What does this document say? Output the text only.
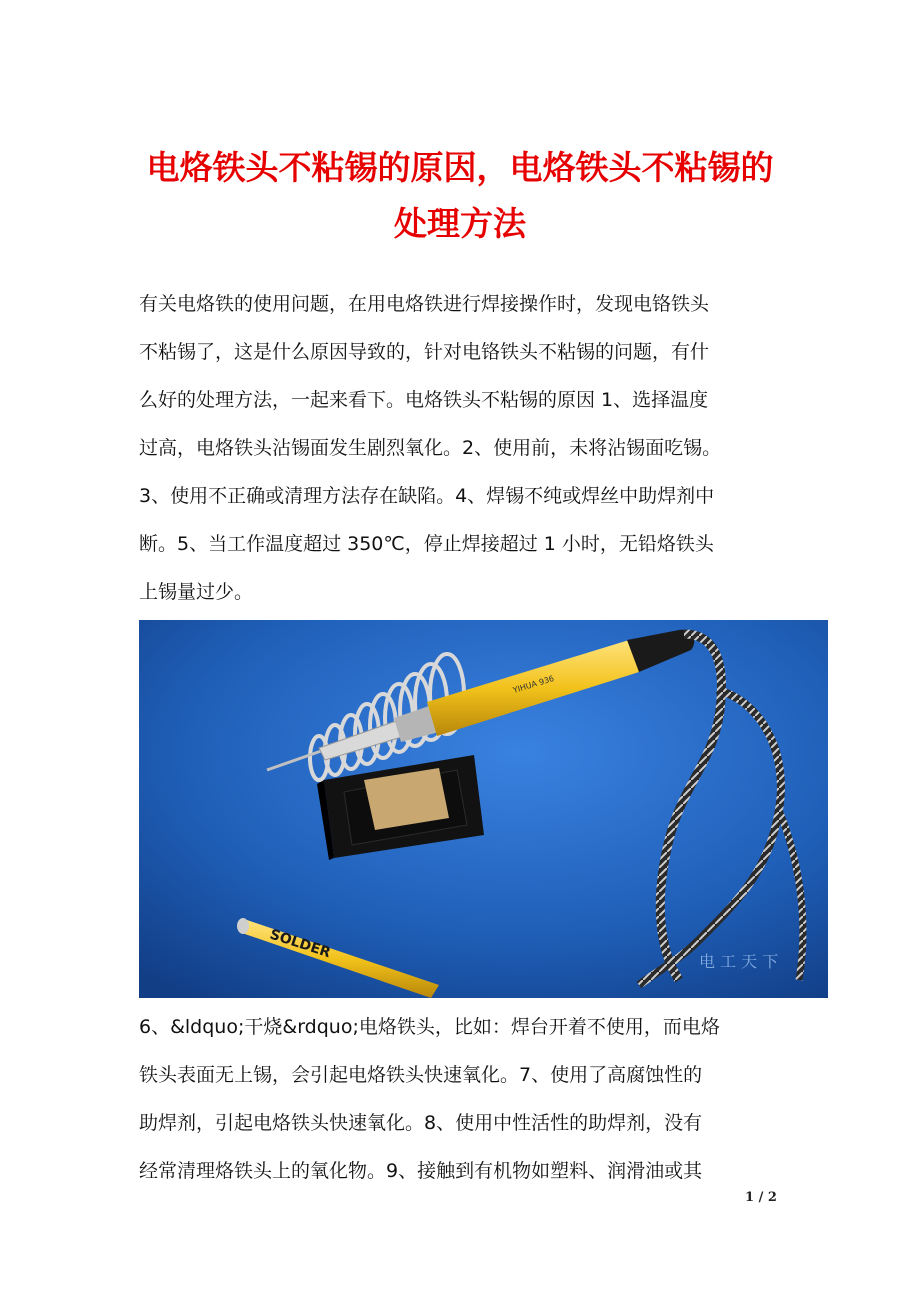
电烙铁头不粘锡的原因，电烙铁头不粘锡的
处理方法
有关电烙铁的使用问题，在用电烙铁进行焊接操作时，发现电铬铁头
不粘锡了，这是什么原因导致的，针对电铬铁头不粘锡的问题，有什
么好的处理方法，一起来看下。电烙铁头不粘锡的原因 1、选择温度
过高，电烙铁头沾锡面发生剧烈氧化。2、使用前，未将沾锡面吃锡。
3、使用不正确或清理方法存在缺陷。4、焊锡不纯或焊丝中助焊剂中
断。5、当工作温度超过 350℃，停止焊接超过 1 小时，无铅烙铁头
上锡量过少。
YIHUA 936
SOLDER
电 工 天 下
6、&ldquo;干烧&rdquo;电烙铁头，比如：焊台开着不使用，而电烙
铁头表面无上锡，会引起电烙铁头快速氧化。7、使用了高腐蚀性的
助焊剂，引起电烙铁头快速氧化。8、使用中性活性的助焊剂，没有
经常清理烙铁头上的氧化物。9、接触到有机物如塑料、润滑油或其
1 / 2
